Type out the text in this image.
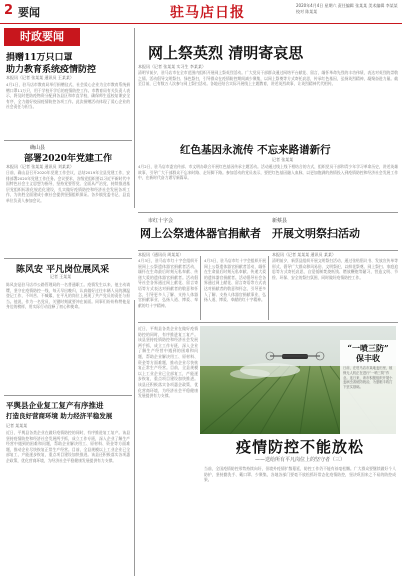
2 要闻	驻马店日报	2020年4月4日 星期六 责任编辑 张某某 美术编辑 李某某 校对 陈某某
时政要闻
捐赠11万只口罩
助力教育系统疫情防控
本报讯（记者 张某某 通讯员 王某某）
4月1日，驻马店市教育局举行捐赠仪式，社会爱心企业为全市教育系统捐赠口罩11万只，用于学校开学后的疫情防控工作。市教育局有关负责人表示，将及时把防疫物资分配到各县区和市直学校，确保师生返校复课安全有序，全力做好校园疫情防控各项工作。此次捐赠活动体现了爱心企业的社会责任与担当。
确山县
部署2020年党建工作
本报讯（记者 张某某 通讯员 刘某某）
日前，确山县召开2020年党建工作会议，总结2019年全县党建工作，安排部署2020年党建工作任务。会议要求，各级党组织要以习近平新时代中国特色社会主义思想为指导，坚持党要管党、全面从严治党，持续推进基层党组织标准化规范化建设，扎实做好疫情防控和经济社会发展各项工作，为决胜全面建成小康社会提供坚强组织保证。各乡镇党委书记、县直单位负责人参加会议。
陈风安 平凡岗位展风采
记者 王某某
陈风安是驻马店市公路管理局的一名普通职工。疫情发生以来，他主动请缨，坚守在疫情防控一线，每天早出晚归，认真做好过往车辆人员的测温登记工作，不叫苦、不喊累，在平凡的岗位上展现了共产党员的责任与担当。他说，作为一名党员，关键时刻就要冲在前面。同事们纷纷称赞他是身边的榜样，用实际行动诠释了初心和使命。
网上祭英烈 清明寄哀思
本报讯（记者 张某某 实习生 李某某）
清明节前夕，驻马店市在全市范围内组织开展网上祭英烈活动。广大党员干部群众通过网络平台献花、留言，缅怀革命先烈的丰功伟绩，表达对英烈的崇敬之情。活动倡导文明祭扫、绿色祭扫，引导群众在疫情防控期间减少聚集，以网上祭奠等方式寄托哀思，传承红色基因，弘扬英烈精神，凝聚奋进力量。截至目前，已有数万人次参与网上祭扫活动。各地还结合实际开展线上主题教育，讲述英烈故事，让英烈精神代代相传。
红色基因永流传 不忘来路谱新行
记者 张某某
4月2日，驻马店市委宣传部、市文明办联合开展红色基因传承主题活动。活动通过线上线下相结合的方式，组织党员干部和青少年学习革命历史，讲述英雄故事，引导广大干部群众不忘来时路、走好脚下路。参加活动的党员表示，要把红色基因融入血脉，以更加饱满的热情投入到疫情防控和经济社会发展工作中，在新时代奋力谱写新篇章。
市红十字会
网上公祭遗体器官捐献者
本报讯（通讯员 周某某）
4月3日，驻马店市红十字会组织开展网上公祭遗体器官捐献者活动，缅怀在生命最后时刻无私奉献、传递大爱的遗体器官捐献者。活动倡导社会各界通过网上献花、留言寄语等方式表达对捐献者的敬意和怀念，引导更多人了解、支持人体器官捐献事业，弘扬人道、博爱、奉献的红十字精神。
新蔡县
开展文明祭扫活动
本报讯（记者 某某某 通讯员 某某）
4月3日，驻马店市红十字会组织开展网上公祭遗体器官捐献者活动，缅怀在生命最后时刻无私奉献、传递大爱的遗体器官捐献者。活动倡导社会各界通过网上献花、留言寄语等方式表达对捐献者的敬意和怀念，引导更多人了解、支持人体器官捐献事业，弘扬人道、博爱、奉献的红十字精神。
清明前夕，新蔡县组织开展文明祭扫活动，通过张贴倡议书、发放宣传单等形式，倡导广大群众移风易俗、文明祭祀，以鲜花祭奠、网上祭扫、家庭追思等方式寄托哀思，自觉抵制焚烧纸钱、燃放鞭炮等陋习，营造文明、节俭、环保、安全的祭扫氛围，同时做好疫情防控工作。
近日，平舆县各类企业在做好疫情防控的同时，有序推进复工复产。该县坚持疫情防控和经济社会发展两手抓，成立工作专班，深入企业了解生产经营中遇到的困难和问题，帮助企业解决用工、原材料、资金等方面难题，推动企业尽快恢复正常生产经营。目前，全县规模以上工业企业已全部复工，产能逐步恢复，重点项目建设加快推进。该县还积极落实各项惠企政策，优化营商环境，为经济社会平稳健康发展提供有力支撑。
平舆县企业复工复产有序推进
打造良好营商环境 助力经济平稳发展
记者 某某某
近日，平舆县各类企业在做好疫情防控的同时，有序推进复工复产。该县坚持疫情防控和经济社会发展两手抓，成立工作专班，深入企业了解生产经营中遇到的困难和问题，帮助企业解决用工、原材料、资金等方面难题，推动企业尽快恢复正常生产经营。目前，全县规模以上工业企业已全部复工，产能逐步恢复，重点项目建设加快推进。该县还积极落实各项惠企政策，优化营商环境，为经济社会平稳健康发展提供有力支撑。
“一喷三防”
保丰收
日前，在驻马店市某地麦田里，植保无人机正在进行“一喷三防”作业。连日来，该市积极组织开展小麦病虫害统防统治，为夏粮丰收打下坚实基础。
疫情防控不能放松
——送给所有平凡岗位上的坚守者（三）
当前，全国疫情防控形势持续向好，但境外疫情扩散蔓延，防控工作仍不能有丝毫松懈。广大群众要继续做好个人防护，坚持勤洗手、戴口罩、少聚集，各地各部门要毫不放松抓好常态化疫情防控，坚决巩固来之不易的防控成果。
